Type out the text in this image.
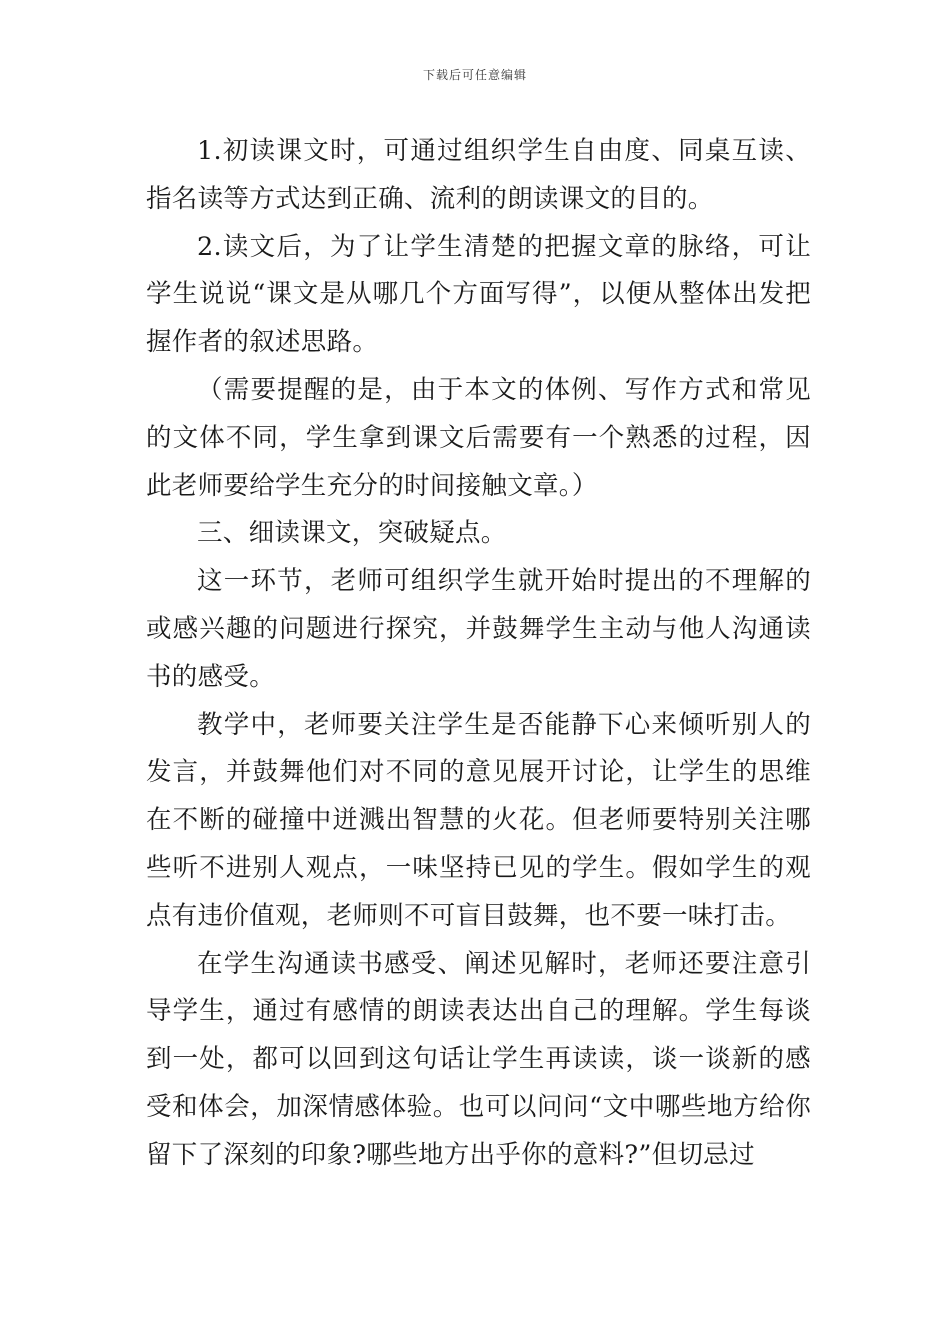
下载后可任意编辑

1.初读课文时，可通过组织学生自由度、同桌互读、指名读等方式达到正确、流利的朗读课文的目的。

2.读文后，为了让学生清楚的把握文章的脉络，可让学生说说“课文是从哪几个方面写得”，以便从整体出发把握作者的叙述思路。

（需要提醒的是，由于本文的体例、写作方式和常见的文体不同，学生拿到课文后需要有一个熟悉的过程，因此老师要给学生充分的时间接触文章。）

三、细读课文，突破疑点。

这一环节，老师可组织学生就开始时提出的不理解的或感兴趣的问题进行探究，并鼓舞学生主动与他人沟通读书的感受。

教学中，老师要关注学生是否能静下心来倾听别人的发言，并鼓舞他们对不同的意见展开讨论，让学生的思维在不断的碰撞中迸溅出智慧的火花。但老师要特别关注哪些听不进别人观点，一味坚持已见的学生。假如学生的观点有违价值观，老师则不可盲目鼓舞，也不要一味打击。

在学生沟通读书感受、阐述见解时，老师还要注意引导学生，通过有感情的朗读表达出自己的理解。学生每谈到一处，都可以回到这句话让学生再读读，谈一谈新的感受和体会，加深情感体验。也可以问问“文中哪些地方给你留下了深刻的印象?哪些地方出乎你的意料?”但切忌过
